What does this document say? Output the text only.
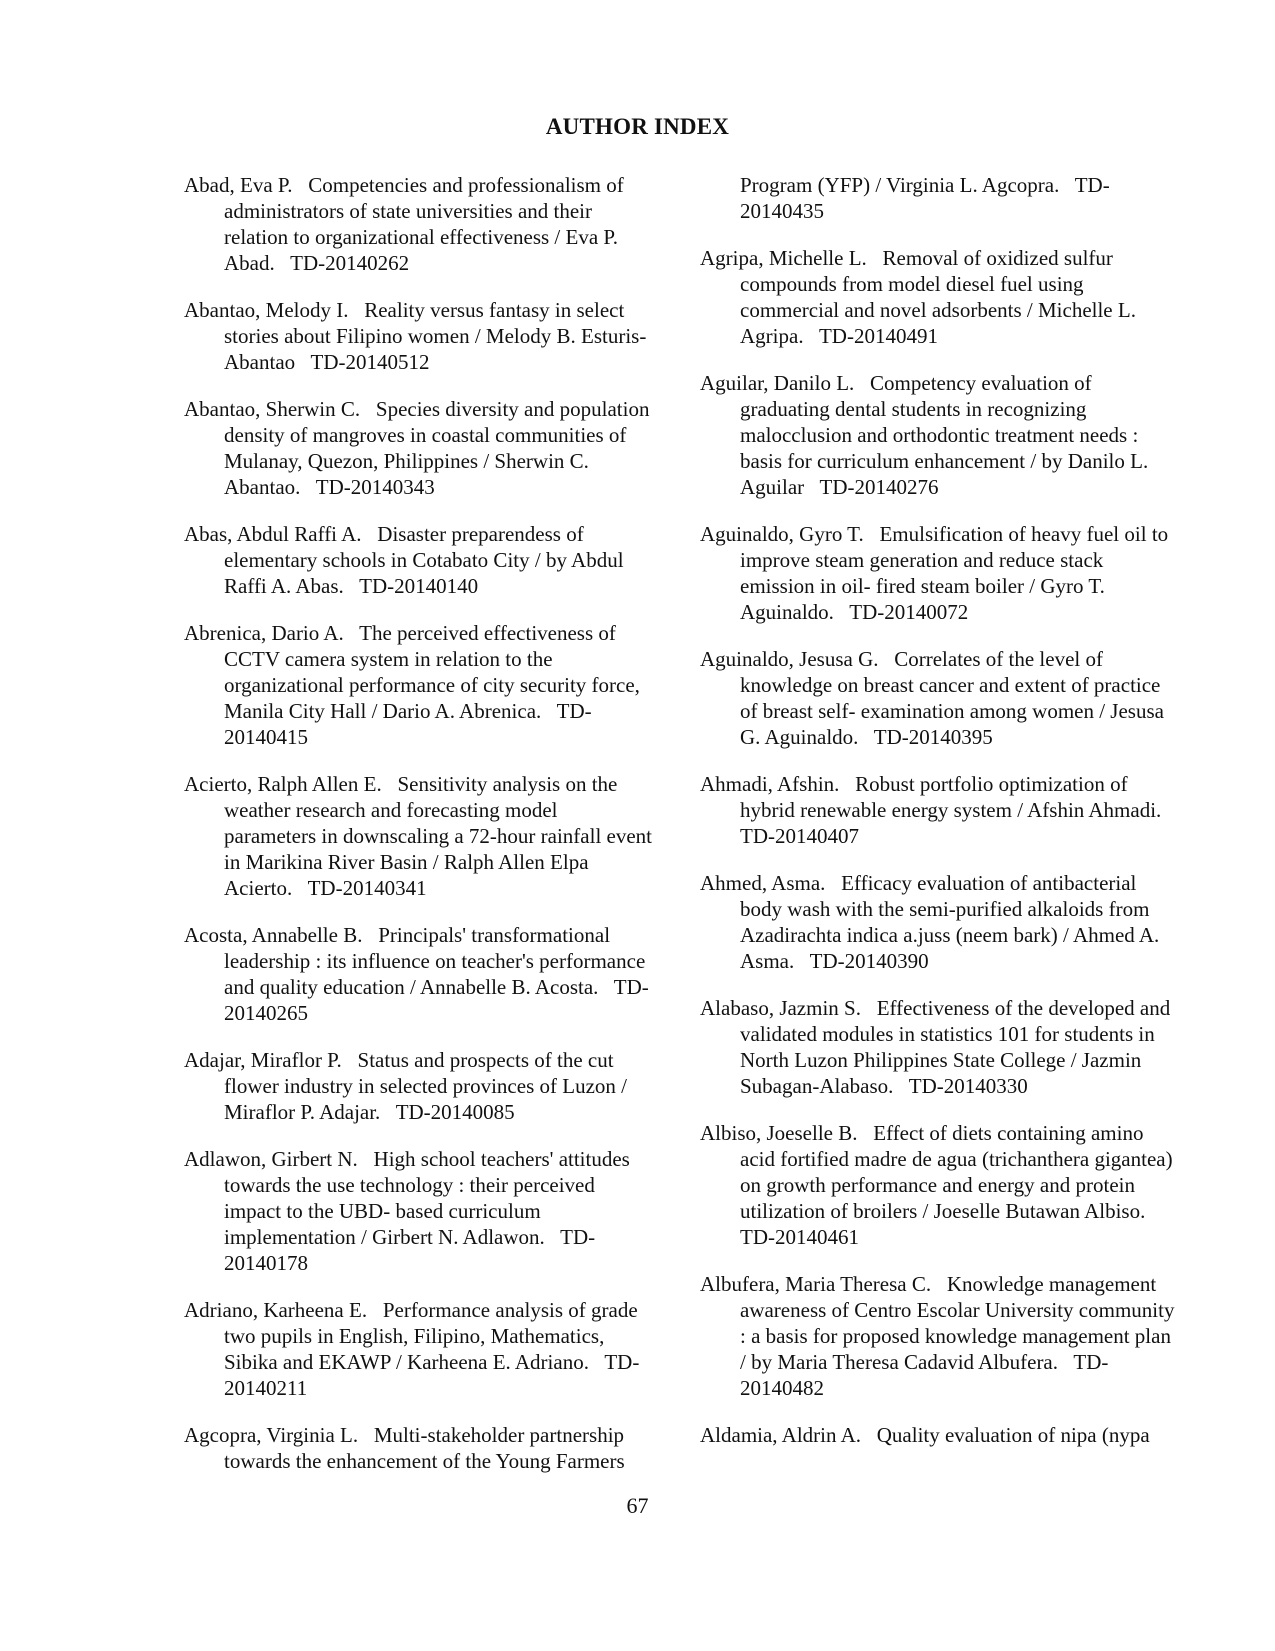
AUTHOR INDEX

Abad, Eva P. Competencies and professionalism of administrators of state universities and their relation to organizational effectiveness / Eva P. Abad. TD-20140262

Abantao, Melody I. Reality versus fantasy in select stories about Filipino women / Melody B. Esturis-Abantao TD-20140512

Abantao, Sherwin C. Species diversity and population density of mangroves in coastal communities of Mulanay, Quezon, Philippines / Sherwin C. Abantao. TD-20140343

Abas, Abdul Raffi A. Disaster preparendess of elementary schools in Cotabato City / by Abdul Raffi A. Abas. TD-20140140

Abrenica, Dario A. The perceived effectiveness of CCTV camera system in relation to the organizational performance of city security force, Manila City Hall / Dario A. Abrenica. TD-20140415

Acierto, Ralph Allen E. Sensitivity analysis on the weather research and forecasting model parameters in downscaling a 72-hour rainfall event in Marikina River Basin / Ralph Allen Elpa Acierto. TD-20140341

Acosta, Annabelle B. Principals' transformational leadership : its influence on teacher's performance and quality education / Annabelle B. Acosta. TD-20140265

Adajar, Miraflor P. Status and prospects of the cut flower industry in selected provinces of Luzon / Miraflor P. Adajar. TD-20140085

Adlawon, Girbert N. High school teachers' attitudes towards the use technology : their perceived impact to the UBD- based curriculum implementation / Girbert N. Adlawon. TD-20140178

Adriano, Karheena E. Performance analysis of grade two pupils in English, Filipino, Mathematics, Sibika and EKAWP / Karheena E. Adriano. TD-20140211

Agcopra, Virginia L. Multi-stakeholder partnership towards the enhancement of the Young Farmers

Program (YFP) / Virginia L. Agcopra. TD-20140435

Agripa, Michelle L. Removal of oxidized sulfur compounds from model diesel fuel using commercial and novel adsorbents / Michelle L. Agripa. TD-20140491

Aguilar, Danilo L. Competency evaluation of graduating dental students in recognizing malocclusion and orthodontic treatment needs : basis for curriculum enhancement / by Danilo L. Aguilar TD-20140276

Aguinaldo, Gyro T. Emulsification of heavy fuel oil to improve steam generation and reduce stack emission in oil- fired steam boiler / Gyro T. Aguinaldo. TD-20140072

Aguinaldo, Jesusa G. Correlates of the level of knowledge on breast cancer and extent of practice of breast self- examination among women / Jesusa G. Aguinaldo. TD-20140395

Ahmadi, Afshin. Robust portfolio optimization of hybrid renewable energy system / Afshin Ahmadi.   TD-20140407

Ahmed, Asma. Efficacy evaluation of antibacterial body wash with the semi-purified alkaloids from Azadirachta indica a.juss (neem bark) / Ahmed A. Asma. TD-20140390

Alabaso, Jazmin S. Effectiveness of the developed and validated modules in statistics 101 for students in North Luzon Philippines State College / Jazmin Subagan-Alabaso. TD-20140330

Albiso, Joeselle B. Effect of diets containing amino acid fortified madre de agua (trichanthera gigantea) on growth performance and energy and protein utilization of broilers / Joeselle Butawan Albiso.   TD-20140461

Albufera, Maria Theresa C. Knowledge management awareness of Centro Escolar University community : a basis for proposed knowledge management plan / by Maria Theresa Cadavid Albufera. TD-20140482

Aldamia, Aldrin A. Quality evaluation of nipa (nypa

67
